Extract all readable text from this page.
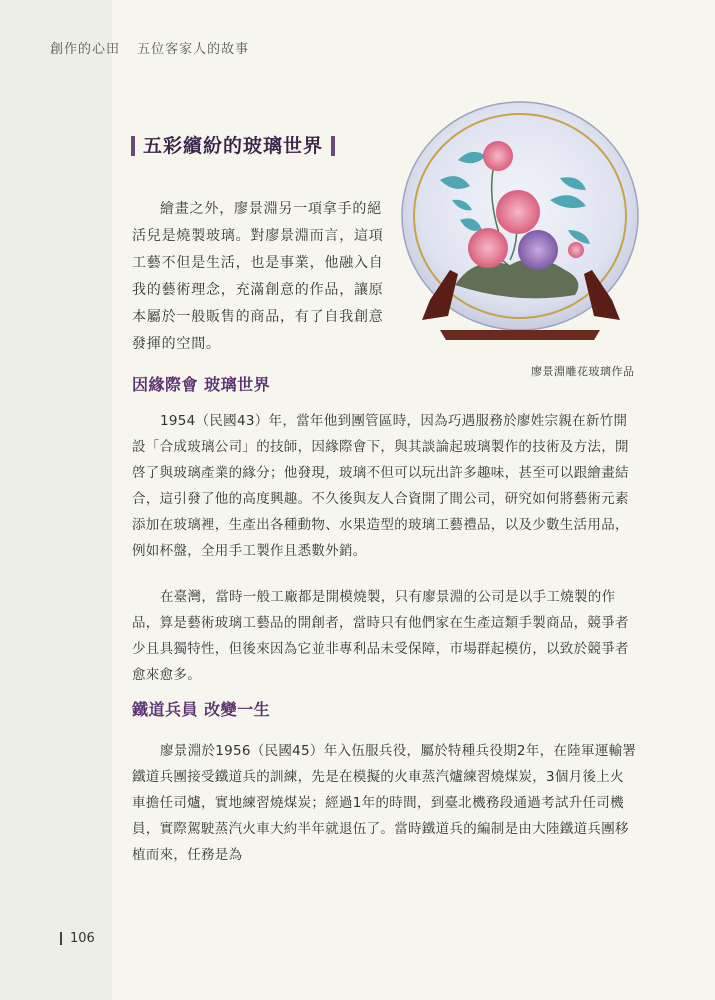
創作的心田 五位客家人的故事
五彩繽紛的玻璃世界

繪畫之外，廖景淵另一項拿手的絕活兒是燒製玻璃。對廖景淵而言，這項工藝不但是生活，也是事業，他融入自我的藝術理念，充滿創意的作品，讓原本屬於一般販售的商品，有了自我創意發揮的空間。

廖景淵雕花玻璃作品
因緣際會 玻璃世界

1954（民國43）年，當年他到團管區時，因為巧遇服務於廖姓宗親在新竹開設「合成玻璃公司」的技師，因緣際會下，與其談論起玻璃製作的技術及方法，開啓了與玻璃產業的緣分；他發現，玻璃不但可以玩出許多趣味，甚至可以跟繪畫結合，這引發了他的高度興趣。不久後與友人合資開了間公司，研究如何將藝術元素添加在玻璃裡，生產出各種動物、水果造型的玻璃工藝禮品，以及少數生活用品，例如杯盤，全用手工製作且悉數外銷。

在臺灣，當時一般工廠都是開模燒製，只有廖景淵的公司是以手工燒製的作品，算是藝術玻璃工藝品的開創者，當時只有他們家在生產這類手製商品，競爭者少且具獨特性，但後來因為它並非專利品未受保障，市場群起模仿，以致於競爭者愈來愈多。

鐵道兵員 改變一生

廖景淵於1956（民國45）年入伍服兵役，屬於特種兵役期2年，在陸軍運輸署鐵道兵團接受鐵道兵的訓練，先是在模擬的火車蒸汽爐練習燒煤炭，3個月後上火車擔任司爐，實地練習燒煤炭；經過1年的時間，到臺北機務段通過考試升任司機員，實際駕駛蒸汽火車大約半年就退伍了。當時鐵道兵的編制是由大陸鐵道兵團移植而來，任務是為

106
